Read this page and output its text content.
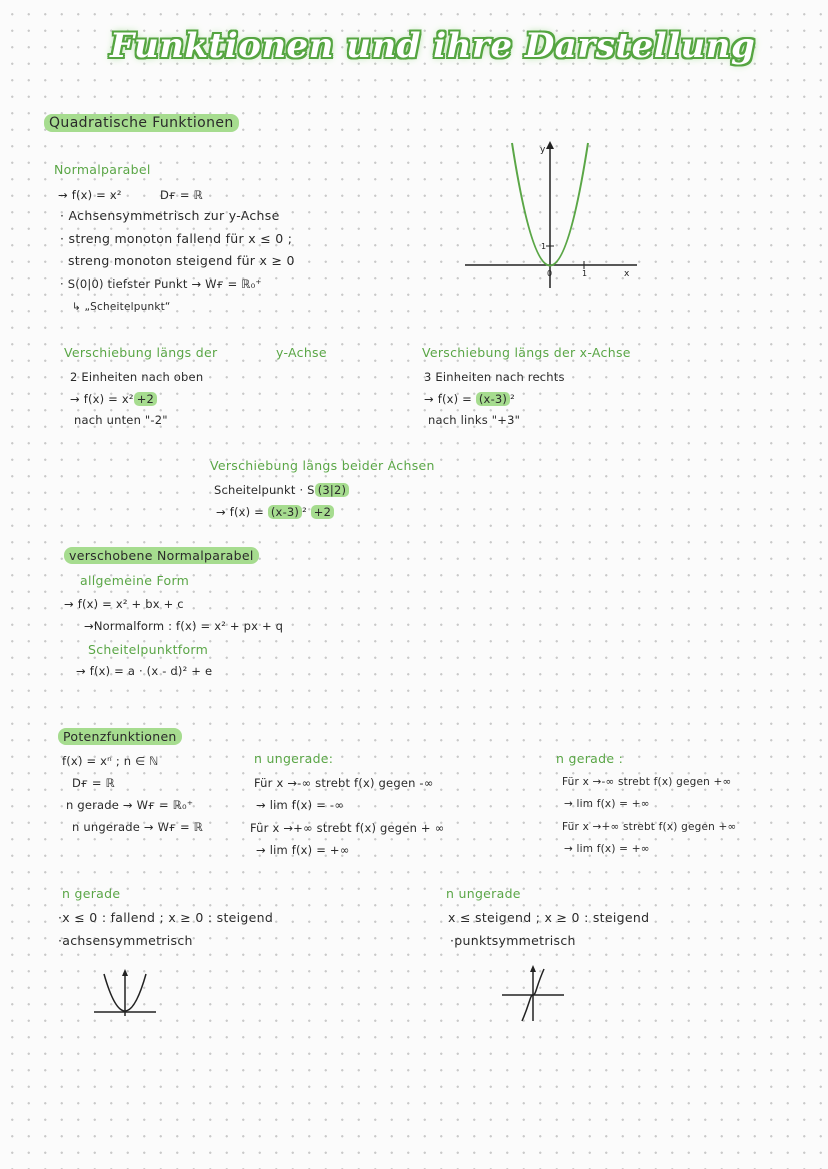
Funktionen und ihre Darstellung
Quadratische Funktionen
Normalparabel
→ f(x) = x²	Dғ = ℝ
· Achsensymmetrisch zur y-Achse
· streng monoton fallend für x ≤ 0 ;
streng monoton steigend für x ≥ 0
· S(0|0) tiefster Punkt → Wғ = ℝ₀⁺
↳ „Scheitelpunkt“
y
x
1
0	1
Verschiebung längs der	y-Achse
2 Einheiten nach oben
→ f(x) = x² +2
nach unten "-2"
Verschiebung längs der x-Achse
3 Einheiten nach rechts
→ f(x) = (x-3) ²
nach links "+3"
Verschiebung längs beider Achsen
Scheitelpunkt · S (3|2)
→ f(x) = (x-3) ² +2
verschobene Normalparabel
allgemeine Form
→ f(x) = x² + bx + c
→Normalform : f(x) = x² + px + q
Scheitelpunktform
→ f(x) = a · (x - d)² + e
Potenzfunktionen
f(x) = xⁿ ; n ∈ ℕ
Dғ = ℝ
n gerade → Wғ = ℝ₀⁺
n ungerade → Wғ = ℝ
n ungerade:
Für x →-∞ strebt f(x) gegen -∞
→ lim f(x) = -∞
Für x →+∞ strebt f(x) gegen + ∞
→ lim f(x) = +∞
n gerade :
Für x →-∞ strebt f(x) gegen +∞
→ lim f(x) = +∞
Für x →+∞ strebt f(x) gegen +∞
→ lim f(x) = +∞
n gerade
·x ≤ 0 : fallend ; x ≥ 0 : steigend
·achsensymmetrisch
n ungerade
x ≤ steigend ; x ≥ 0 : steigend
·punktsymmetrisch
